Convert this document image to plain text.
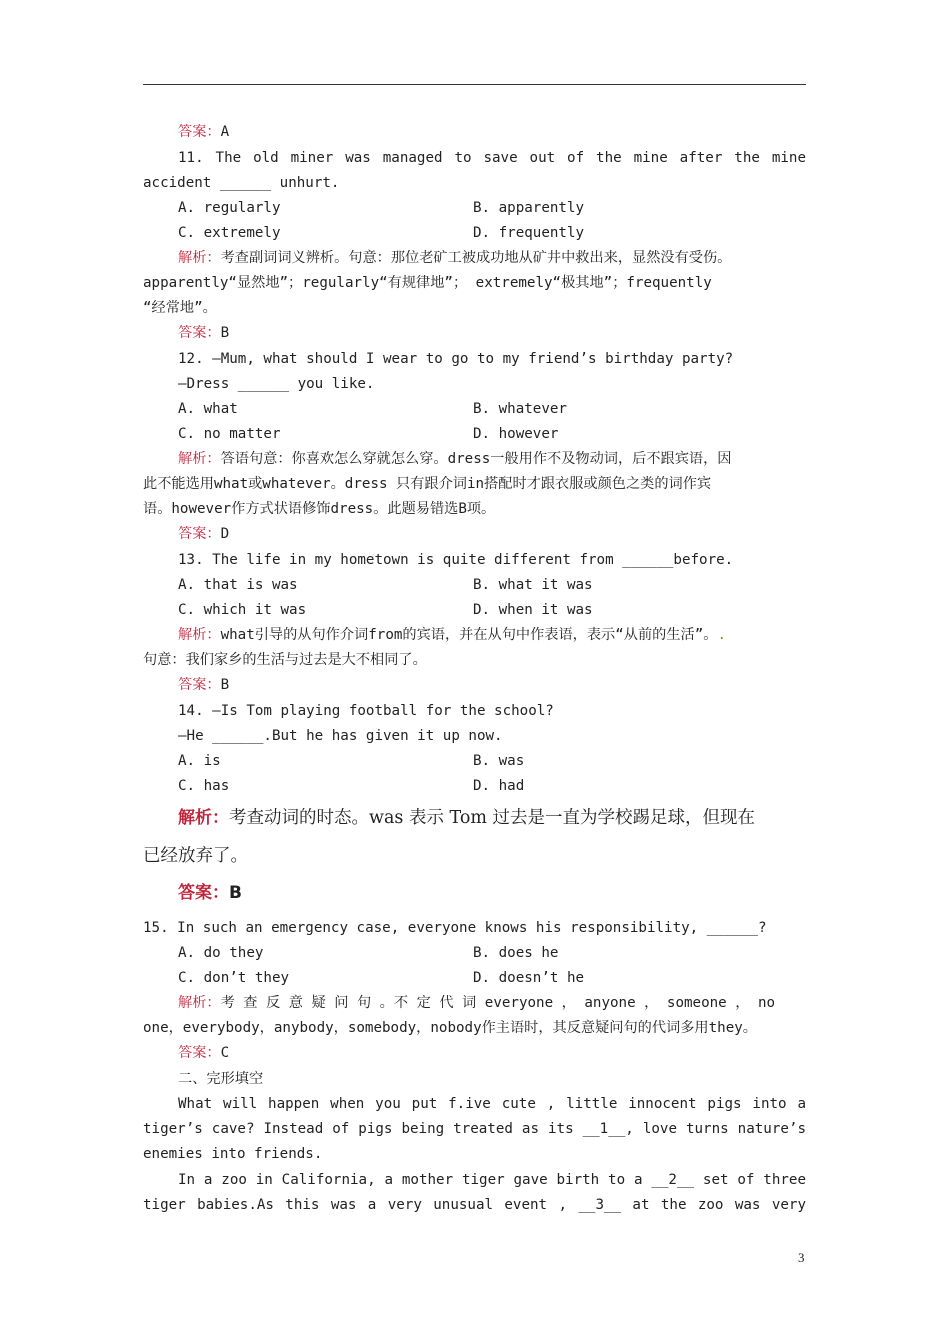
答案：A
11. The old miner was managed to save out of the mine after the mine
accident ______ unhurt.
A. regularly	B. apparently
C. extremely	D. frequently
解析：考查副词词义辨析。句意：那位老矿工被成功地从矿井中救出来，显然没有受伤。
apparently“显然地”；regularly“有规律地”； extremely“极其地”；frequently
“经常地”。
答案：B
12. —Mum, what should I wear to go to my friend’s birthday party?
—Dress ______ you like.
A. what	B. whatever
C. no matter	D. however
解析：答语句意：你喜欢怎么穿就怎么穿。dress一般用作不及物动词，后不跟宾语，因
此不能选用what或whatever。dress 只有跟介词in搭配时才跟衣服或颜色之类的词作宾
语。however作方式状语修饰dress。此题易错选B项。
答案：D
13. The life in my hometown is quite different from ______before.
A. that is was	B. what it was
C. which it was	D. when it was
解析：what引导的从句作介词from的宾语，并在从句中作表语，表示“从前的生活”。.
句意：我们家乡的生活与过去是大不相同了。
答案：B
14. —Is Tom playing football for the school?
—He ______.But he has given it up now.
A. is	B. was
C. has	D. had
解析：考查动词的时态。was 表示 Tom 过去是一直为学校踢足球，但现在
已经放弃了。
答案：B
15. In such an emergency case, everyone knows his responsibility, ______?
A. do they	B. does he
C. don’t they	D. doesn’t he
解析：考 查 反 意 疑 问 句 。不 定 代 词 everyone ， anyone ， someone ， no
one，everybody，anybody，somebody，nobody作主语时，其反意疑问句的代词多用they。
答案：C
二、完形填空
What will happen when you put f.ive cute , little innocent pigs into a
tiger’s cave? Instead of pigs being treated as its __1__, love turns nature’s
enemies into friends.
In a zoo in California, a mother tiger gave birth to a __2__ set of three
tiger babies.As this was a very unusual event , __3__ at the zoo was very
3
